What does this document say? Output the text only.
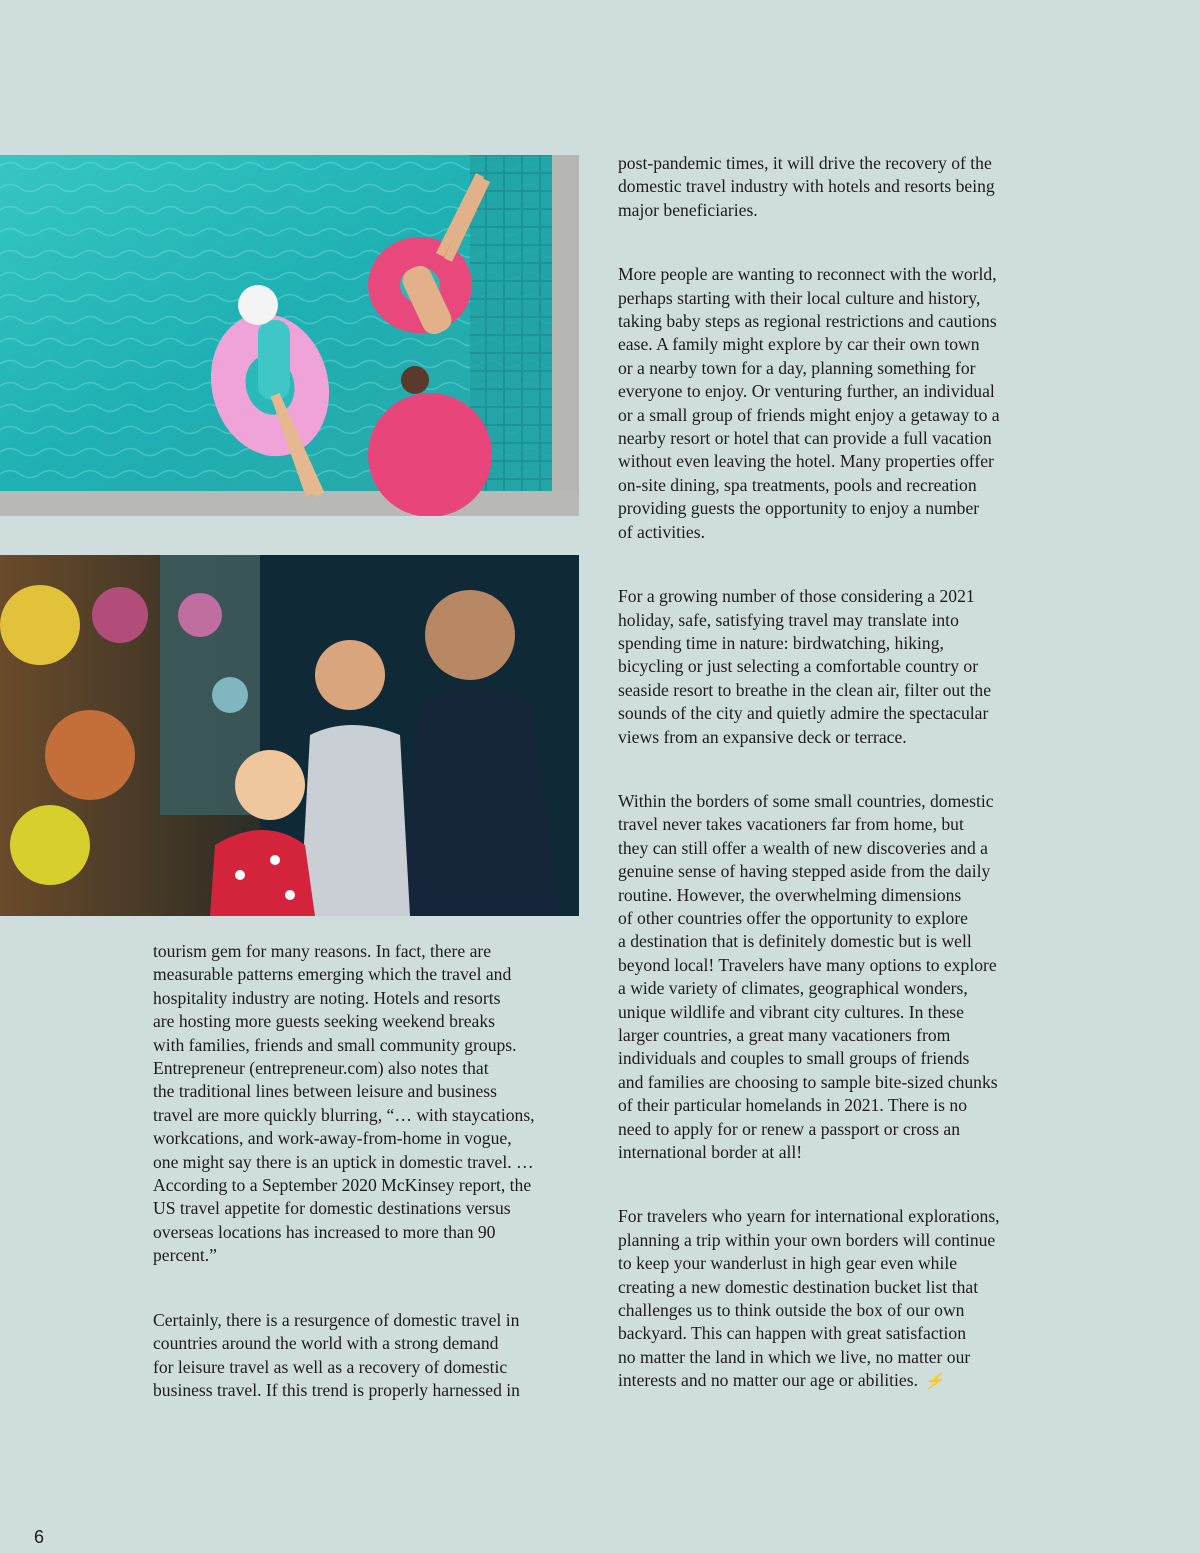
tourism gem for many reasons. In fact, there are
measurable patterns emerging which the travel and
hospitality industry are noting. Hotels and resorts
are hosting more guests seeking weekend breaks
with families, friends and small community groups.
Entrepreneur (entrepreneur.com) also notes that
the traditional lines between leisure and business
travel are more quickly blurring, “… with staycations,
workcations, and work-away-from-home in vogue,
one might say there is an uptick in domestic travel. …
According to a September 2020 McKinsey report, the
US travel appetite for domestic destinations versus
overseas locations has increased to more than 90
percent.”

Certainly, there is a resurgence of domestic travel in
countries around the world with a strong demand
for leisure travel as well as a recovery of domestic
business travel. If this trend is properly harnessed in

post-pandemic times, it will drive the recovery of the
domestic travel industry with hotels and resorts being
major beneficiaries.

More people are wanting to reconnect with the world,
perhaps starting with their local culture and history,
taking baby steps as regional restrictions and cautions
ease. A family might explore by car their own town
or a nearby town for a day, planning something for
everyone to enjoy. Or venturing further, an individual
or a small group of friends might enjoy a getaway to a
nearby resort or hotel that can provide a full vacation
without even leaving the hotel. Many properties offer
on-site dining, spa treatments, pools and recreation
providing guests the opportunity to enjoy a number
of activities.

For a growing number of those considering a 2021
holiday, safe, satisfying travel may translate into
spending time in nature: birdwatching, hiking,
bicycling or just selecting a comfortable country or
seaside resort to breathe in the clean air, filter out the
sounds of the city and quietly admire the spectacular
views from an expansive deck or terrace.

Within the borders of some small countries, domestic
travel never takes vacationers far from home, but
they can still offer a wealth of new discoveries and a
genuine sense of having stepped aside from the daily
routine. However, the overwhelming dimensions
of other countries offer the opportunity to explore
a destination that is definitely domestic but is well
beyond local! Travelers have many options to explore
a wide variety of climates, geographical wonders,
unique wildlife and vibrant city cultures. In these
larger countries, a great many vacationers from
individuals and couples to small groups of friends
and families are choosing to sample bite-sized chunks
of their particular homelands in 2021. There is no
need to apply for or renew a passport or cross an
international border at all!

For travelers who yearn for international explorations,
planning a trip within your own borders will continue
to keep your wanderlust in high gear even while
creating a new domestic destination bucket list that
challenges us to think outside the box of our own
backyard. This can happen with great satisfaction
no matter the land in which we live, no matter our
interests and no matter our age or abilities. ⚡

6
